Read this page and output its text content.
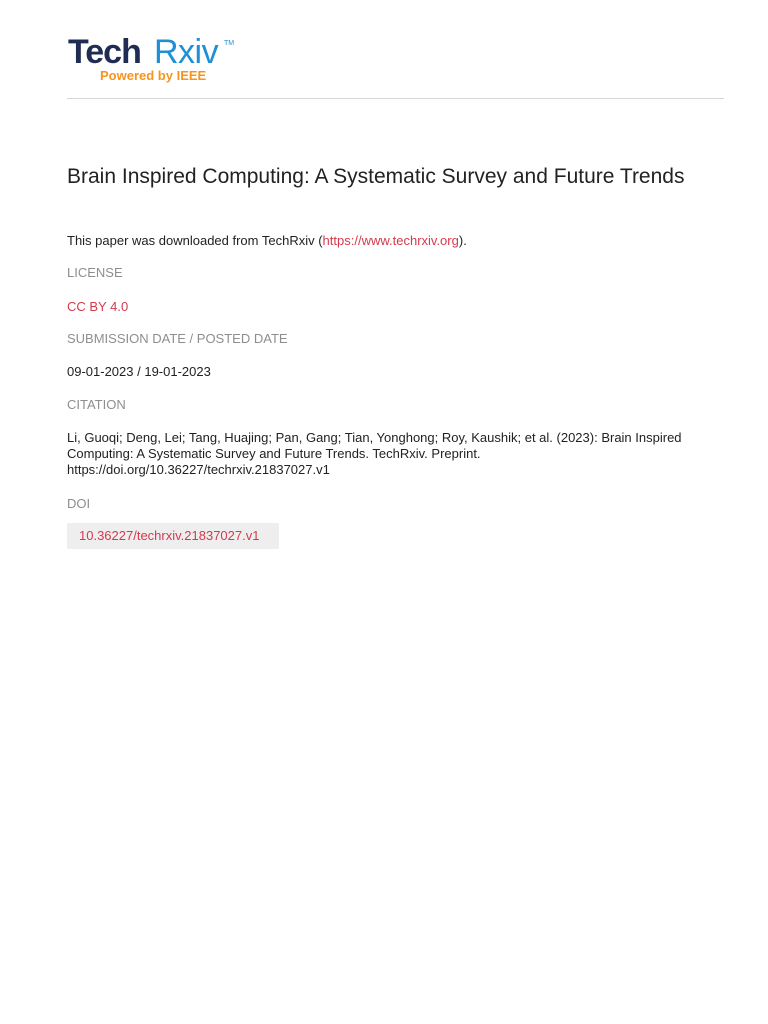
Tech Rxiv TM
Powered by IEEE
Brain Inspired Computing: A Systematic Survey and Future Trends
This paper was downloaded from TechRxiv (https://www.techrxiv.org).
LICENSE
CC BY 4.0
SUBMISSION DATE / POSTED DATE
09-01-2023 / 19-01-2023
CITATION
Li, Guoqi; Deng, Lei; Tang, Huajing; Pan, Gang; Tian, Yonghong; Roy, Kaushik; et al. (2023): Brain Inspired
Computing: A Systematic Survey and Future Trends. TechRxiv. Preprint.
https://doi.org/10.36227/techrxiv.21837027.v1
DOI
10.36227/techrxiv.21837027.v1
